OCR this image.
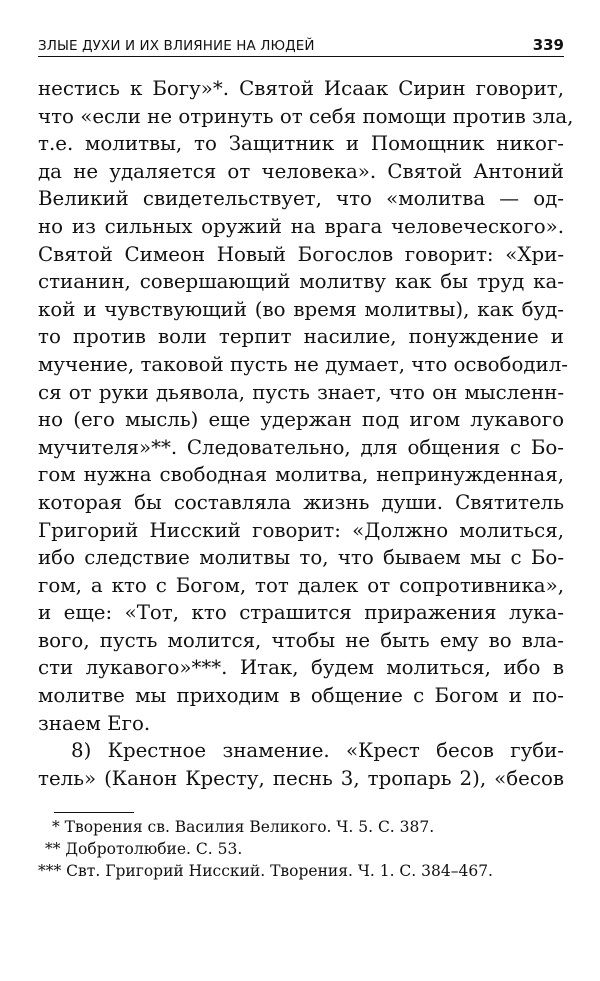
ЗЛЫЕ ДУХИ И ИХ ВЛИЯНИЕ НА ЛЮДЕЙ	339
нестись к Богу»*. Святой Исаак Сирин говорит,
что «если не отринуть от себя помощи против зла,
т.е. молитвы, то Защитник и Помощник никог-
да не удаляется от человека». Святой Антоний
Великий свидетельствует, что «молитва — од-
но из сильных оружий на врага человеческого».
Святой Симеон Новый Богослов говорит: «Хри-
стианин, совершающий молитву как бы труд ка-
кой и чувствующий (во время молитвы), как буд-
то против воли терпит насилие, понуждение и
мучение, таковой пусть не думает, что освободил-
ся от руки дьявола, пусть знает, что он мысленн-
но (его мысль) еще удержан под игом лукавого
мучителя»**. Следовательно, для общения с Бо-
гом нужна свободная молитва, непринужденная,
которая бы составляла жизнь души. Святитель
Григорий Нисский говорит: «Должно молиться,
ибо следствие молитвы то, что бываем мы с Бо-
гом, а кто с Богом, тот далек от сопротивника»,
и еще: «Тот, кто страшится приражения лука-
вого, пусть молится, чтобы не быть ему во вла-
сти лукавого»***. Итак, будем молиться, ибо в
молитве мы приходим в общение с Богом и по-
знаем Его.
8) Крестное знамение. «Крест бесов губи-
тель» (Канон Кресту, песнь 3, тропарь 2), «бесов
* Творения св. Василия Великого. Ч. 5. С. 387.
** Добротолюбие. С. 53.
*** Свт. Григорий Нисский. Творения. Ч. 1. С. 384–467.
